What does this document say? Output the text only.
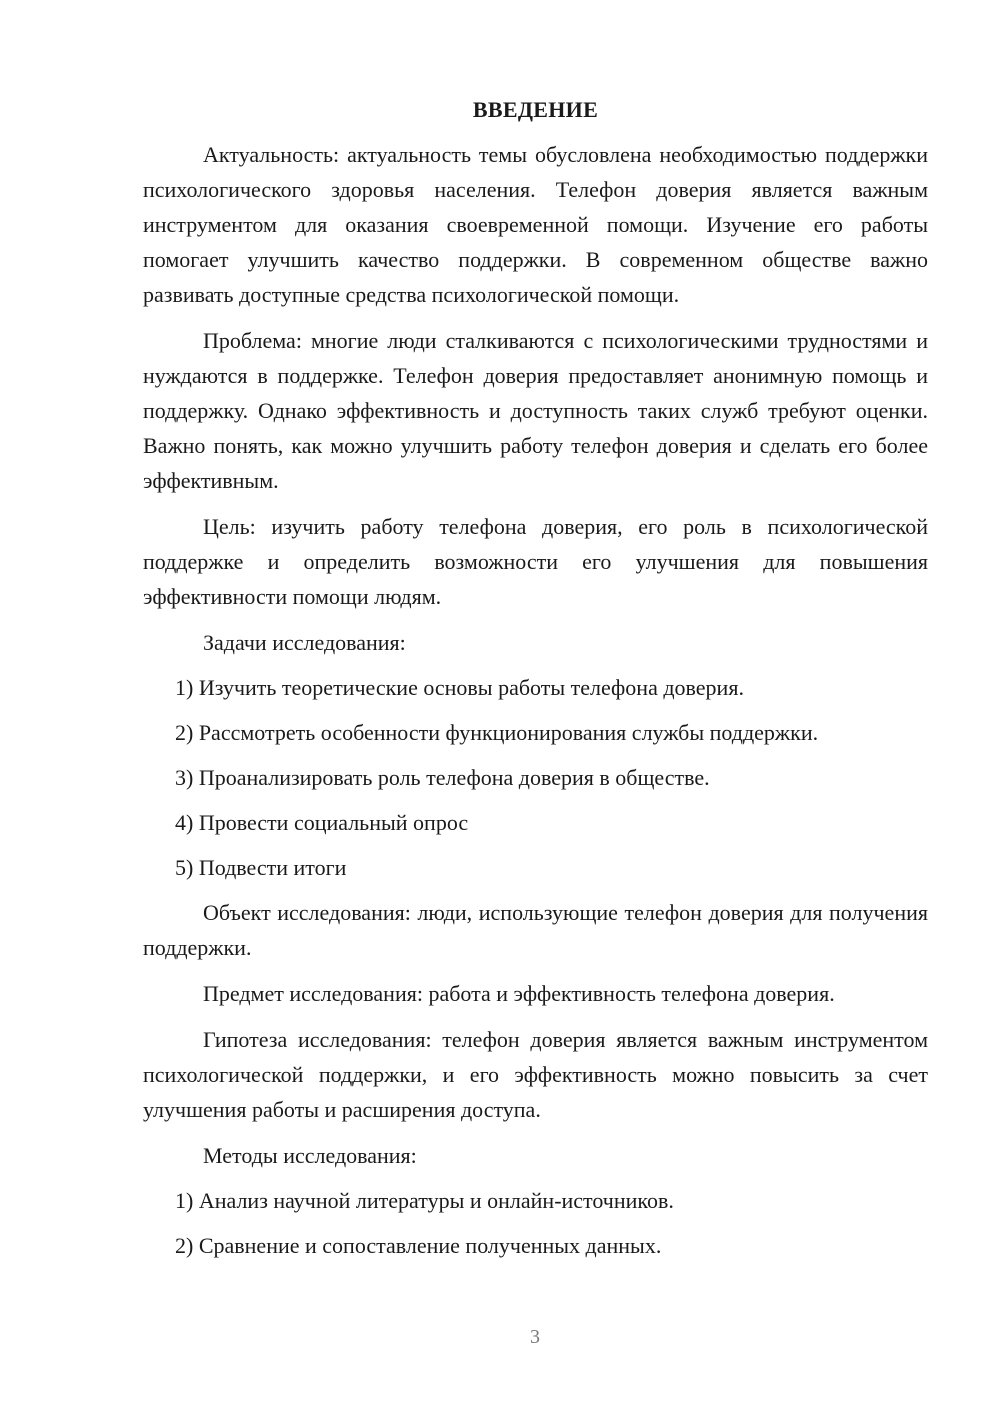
ВВЕДЕНИЕ

Актуальность: актуальность темы обусловлена необходимостью поддержки психологического здоровья населения. Телефон доверия является важным инструментом для оказания своевременной помощи. Изучение его работы помогает улучшить качество поддержки. В современном обществе важно развивать доступные средства психологической помощи.

Проблема: многие люди сталкиваются с психологическими трудностями и нуждаются в поддержке. Телефон доверия предоставляет анонимную помощь и поддержку. Однако эффективность и доступность таких служб требуют оценки. Важно понять, как можно улучшить работу телефон доверия и сделать его более эффективным.

Цель: изучить работу телефона доверия, его роль в психологической поддержке и определить возможности его улучшения для повышения эффективности помощи людям.

Задачи исследования:

1) Изучить теоретические основы работы телефона доверия.
2) Рассмотреть особенности функционирования службы поддержки.
3) Проанализировать роль телефона доверия в обществе.
4) Провести социальный опрос
5) Подвести итоги

Объект исследования: люди, использующие телефон доверия для получения поддержки.

Предмет исследования: работа и эффективность телефона доверия.

Гипотеза исследования: телефон доверия является важным инструментом психологической поддержки, и его эффективность можно повысить за счет улучшения работы и расширения доступа.

Методы исследования:

1) Анализ научной литературы и онлайн-источников.
2) Сравнение и сопоставление полученных данных.
3
